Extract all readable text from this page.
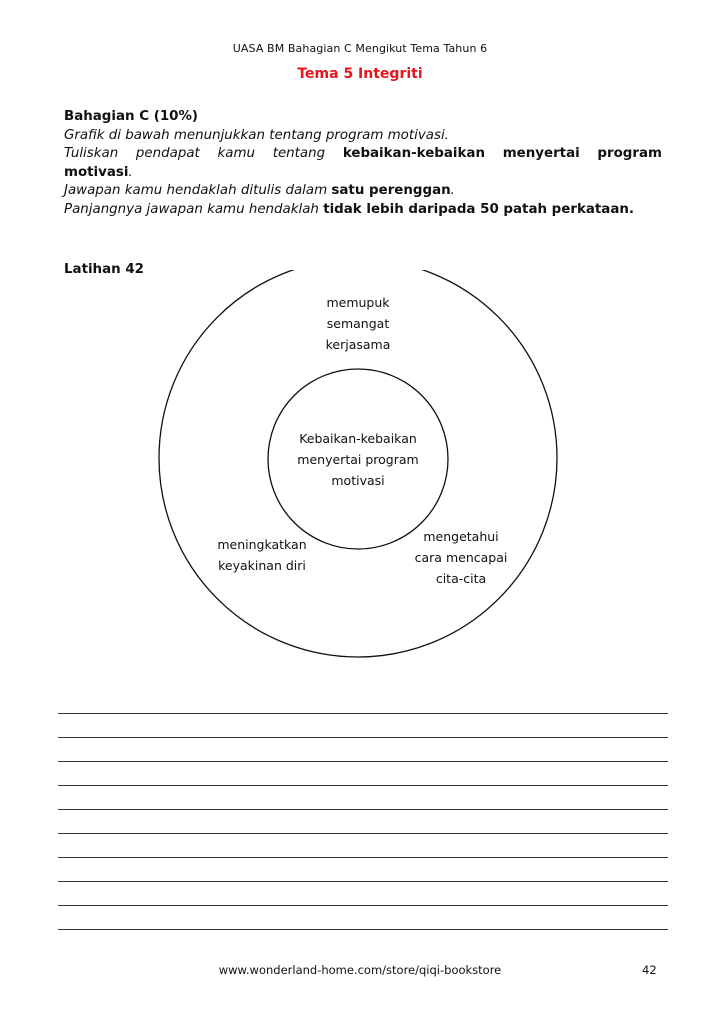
UASA BM Bahagian C Mengikut Tema Tahun 6
Tema 5 Integriti
Bahagian C (10%)
Grafik di bawah menunjukkan tentang program motivasi.
Tuliskan pendapat kamu tentang kebaikan-kebaikan menyertai program
motivasi.
Jawapan kamu hendaklah ditulis dalam satu perenggan.
Panjangnya jawapan kamu hendaklah tidak lebih daripada 50 patah perkataan.
Latihan 42
Kebaikan-kebaikan
menyertai program
motivasi
memupuk
semangat
kerjasama
meningkatkan
keyakinan diri
mengetahui
cara mencapai
cita-cita
www.wonderland-home.com/store/qiqi-bookstore	42
